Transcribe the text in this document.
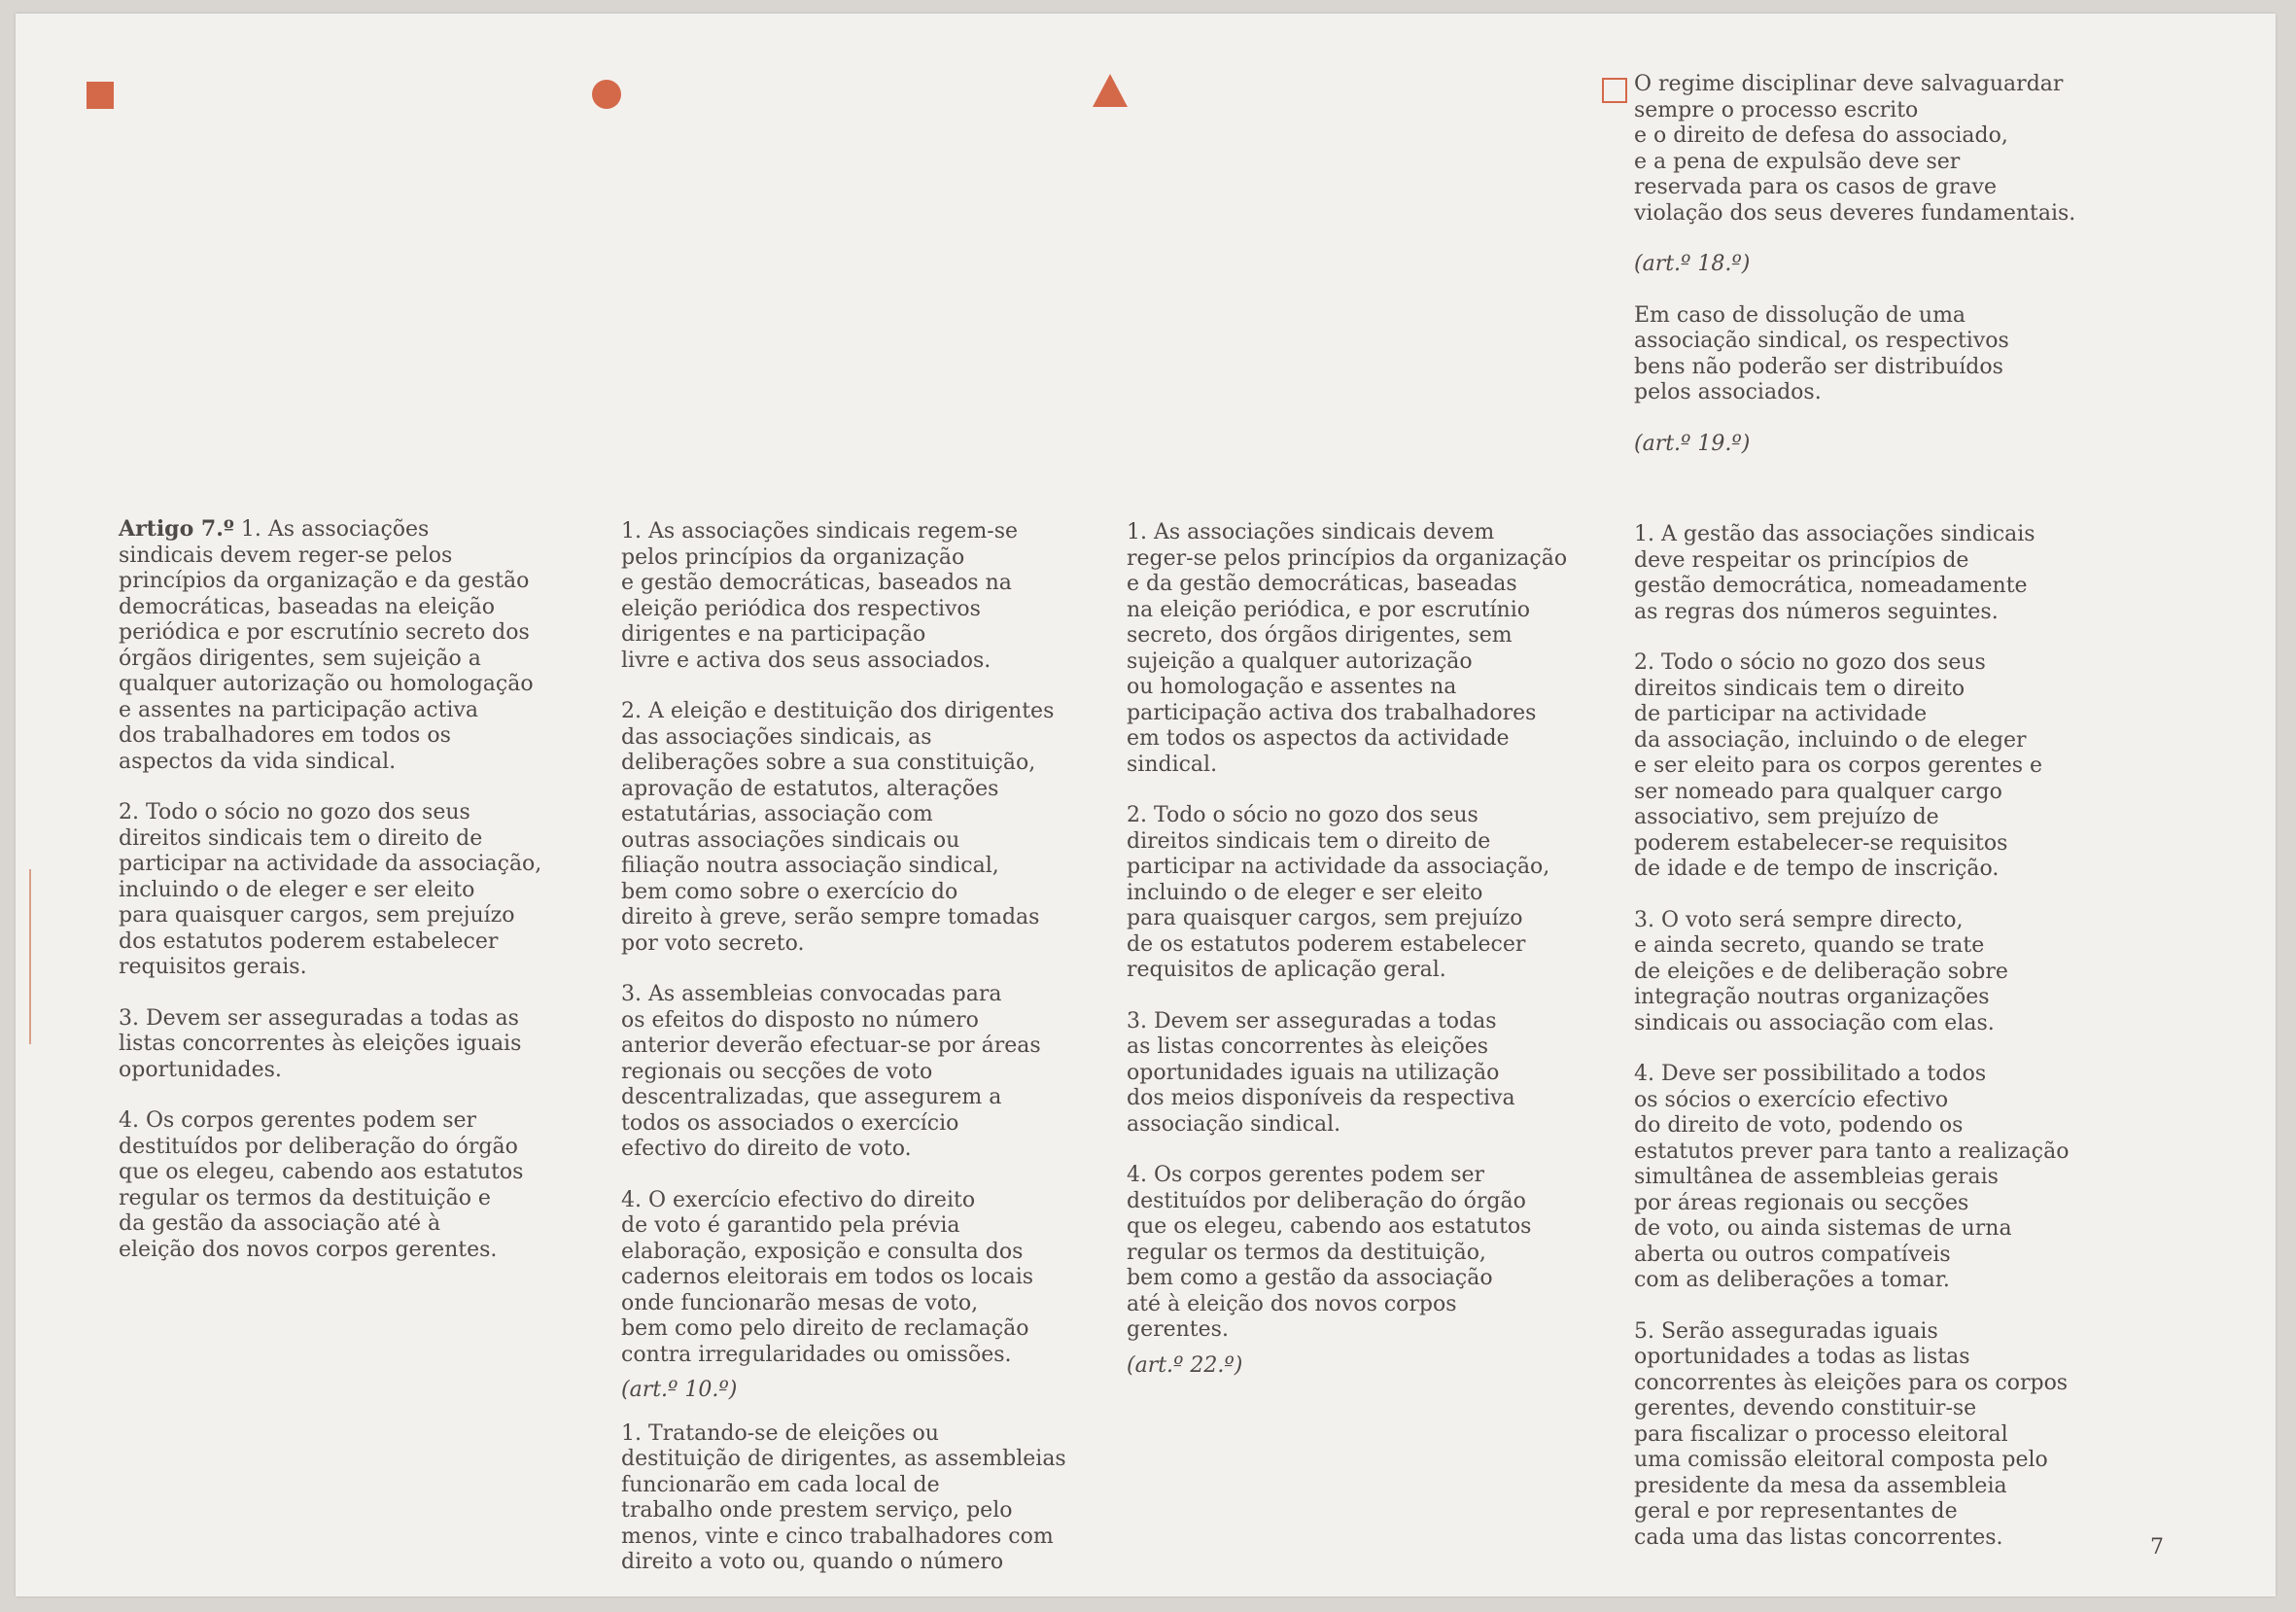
O regime disciplinar deve salvaguardar
sempre o processo escrito
e o direito de defesa do associado,
e a pena de expulsão deve ser
reservada para os casos de grave
violação dos seus deveres fundamentais.

(art.º 18.º)

Em caso de dissolução de uma
associação sindical, os respectivos
bens não poderão ser distribuídos
pelos associados.

(art.º 19.º)

Artigo 7.º 1. As associações
sindicais devem reger-se pelos
princípios da organização e da gestão
democráticas, baseadas na eleição
periódica e por escrutínio secreto dos
órgãos dirigentes, sem sujeição a
qualquer autorização ou homologação
e assentes na participação activa
dos trabalhadores em todos os
aspectos da vida sindical.

2. Todo o sócio no gozo dos seus
direitos sindicais tem o direito de
participar na actividade da associação,
incluindo o de eleger e ser eleito
para quaisquer cargos, sem prejuízo
dos estatutos poderem estabelecer
requisitos gerais.

3. Devem ser asseguradas a todas as
listas concorrentes às eleições iguais
oportunidades.

4. Os corpos gerentes podem ser
destituídos por deliberação do órgão
que os elegeu, cabendo aos estatutos
regular os termos da destituição e
da gestão da associação até à
eleição dos novos corpos gerentes.

1. As associações sindicais regem-se
pelos princípios da organização
e gestão democráticas, baseados na
eleição periódica dos respectivos
dirigentes e na participação
livre e activa dos seus associados.

2. A eleição e destituição dos dirigentes
das associações sindicais, as
deliberações sobre a sua constituição,
aprovação de estatutos, alterações
estatutárias, associação com
outras associações sindicais ou
filiação noutra associação sindical,
bem como sobre o exercício do
direito à greve, serão sempre tomadas
por voto secreto.

3. As assembleias convocadas para
os efeitos do disposto no número
anterior deverão efectuar-se por áreas
regionais ou secções de voto
descentralizadas, que assegurem a
todos os associados o exercício
efectivo do direito de voto.

4. O exercício efectivo do direito
de voto é garantido pela prévia
elaboração, exposição e consulta dos
cadernos eleitorais em todos os locais
onde funcionarão mesas de voto,
bem como pelo direito de reclamação
contra irregularidades ou omissões.

(art.º 10.º)

1. Tratando-se de eleições ou
destituição de dirigentes, as assembleias
funcionarão em cada local de
trabalho onde prestem serviço, pelo
menos, vinte e cinco trabalhadores com
direito a voto ou, quando o número

1. As associações sindicais devem
reger-se pelos princípios da organização
e da gestão democráticas, baseadas
na eleição periódica, e por escrutínio
secreto, dos órgãos dirigentes, sem
sujeição a qualquer autorização
ou homologação e assentes na
participação activa dos trabalhadores
em todos os aspectos da actividade
sindical.

2. Todo o sócio no gozo dos seus
direitos sindicais tem o direito de
participar na actividade da associação,
incluindo o de eleger e ser eleito
para quaisquer cargos, sem prejuízo
de os estatutos poderem estabelecer
requisitos de aplicação geral.

3. Devem ser asseguradas a todas
as listas concorrentes às eleições
oportunidades iguais na utilização
dos meios disponíveis da respectiva
associação sindical.

4. Os corpos gerentes podem ser
destituídos por deliberação do órgão
que os elegeu, cabendo aos estatutos
regular os termos da destituição,
bem como a gestão da associação
até à eleição dos novos corpos
gerentes.

(art.º 22.º)

1. A gestão das associações sindicais
deve respeitar os princípios de
gestão democrática, nomeadamente
as regras dos números seguintes.

2. Todo o sócio no gozo dos seus
direitos sindicais tem o direito
de participar na actividade
da associação, incluindo o de eleger
e ser eleito para os corpos gerentes e
ser nomeado para qualquer cargo
associativo, sem prejuízo de
poderem estabelecer-se requisitos
de idade e de tempo de inscrição.

3. O voto será sempre directo,
e ainda secreto, quando se trate
de eleições e de deliberação sobre
integração noutras organizações
sindicais ou associação com elas.

4. Deve ser possibilitado a todos
os sócios o exercício efectivo
do direito de voto, podendo os
estatutos prever para tanto a realização
simultânea de assembleias gerais
por áreas regionais ou secções
de voto, ou ainda sistemas de urna
aberta ou outros compatíveis
com as deliberações a tomar.

5. Serão asseguradas iguais
oportunidades a todas as listas
concorrentes às eleições para os corpos
gerentes, devendo constituir-se
para fiscalizar o processo eleitoral
uma comissão eleitoral composta pelo
presidente da mesa da assembleia
geral e por representantes de
cada uma das listas concorrentes.	7
